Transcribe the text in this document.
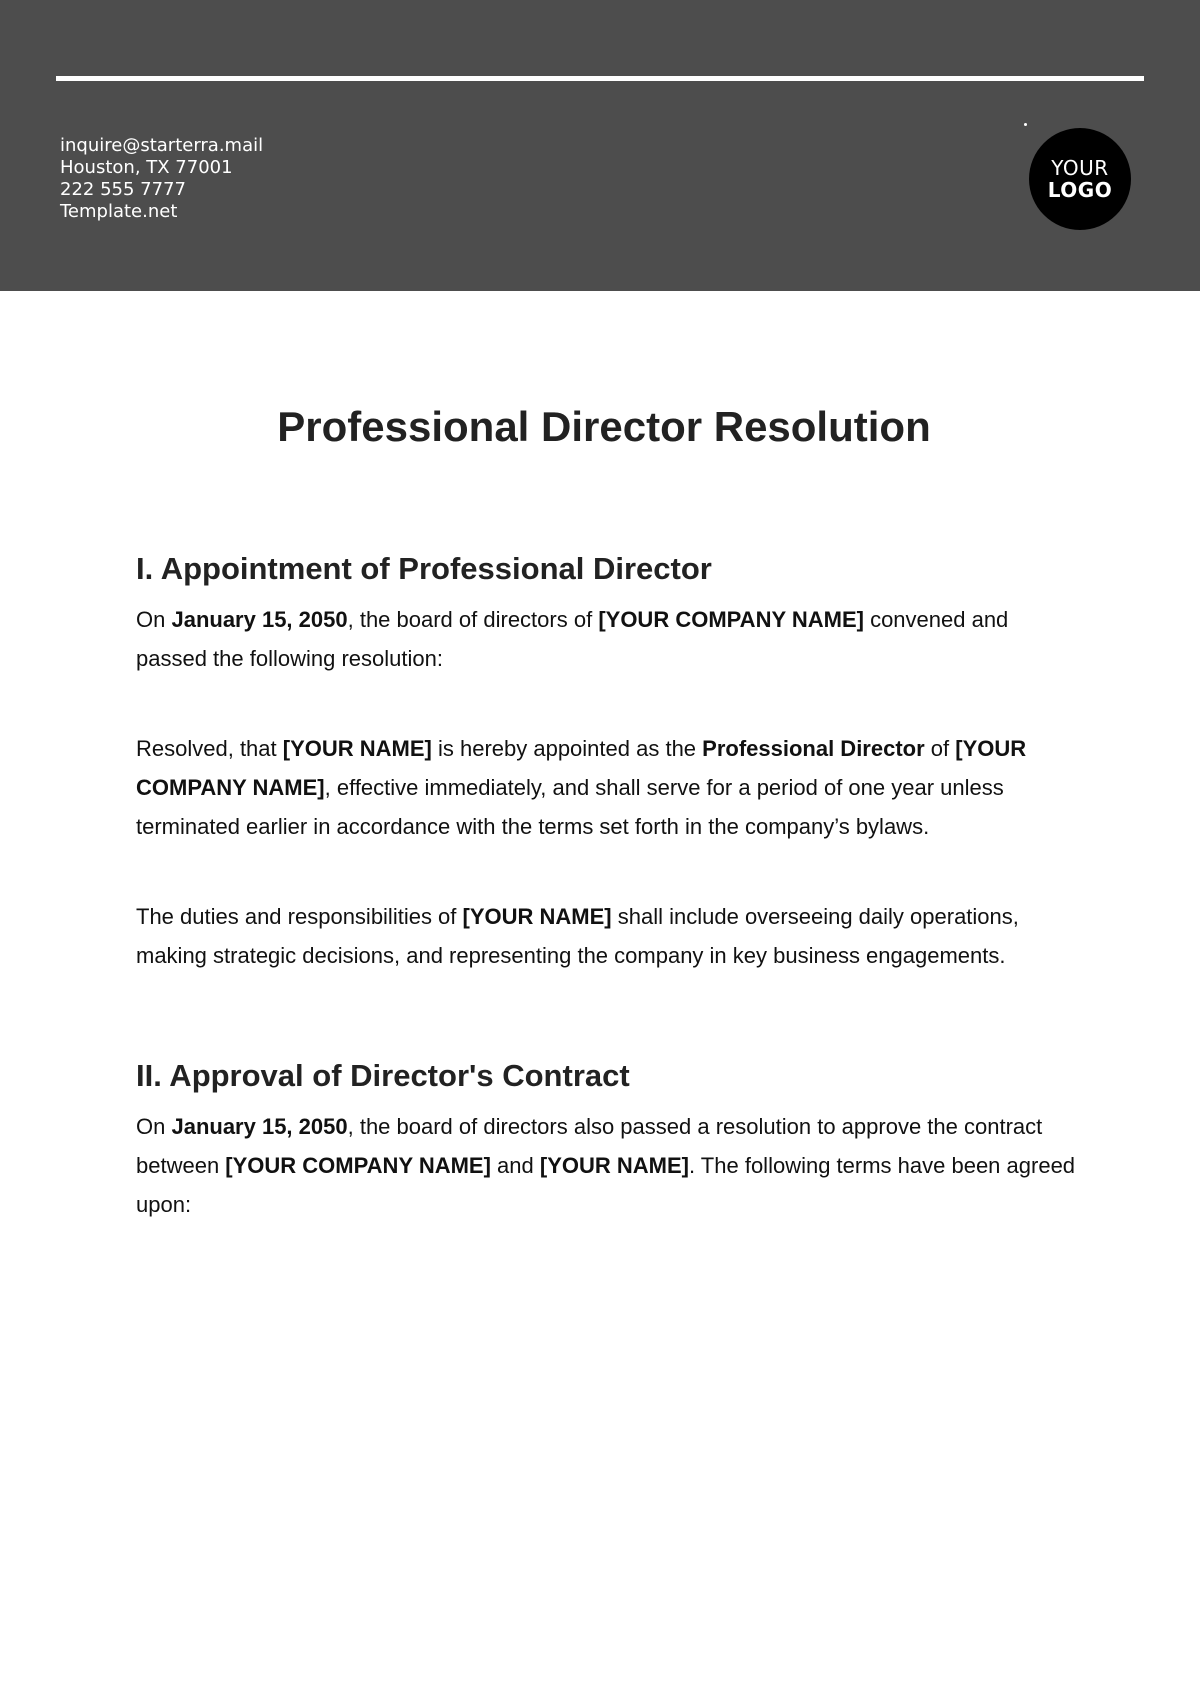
inquire@starterra.mail
Houston, TX 77001
222 555 7777
Template.net
YOUR
LOGO
Professional Director Resolution
I. Appointment of Professional Director

On January 15, 2050, the board of directors of [YOUR COMPANY NAME] convened and passed the following resolution:

Resolved, that [YOUR NAME] is hereby appointed as the Professional Director of [YOUR COMPANY NAME], effective immediately, and shall serve for a period of one year unless terminated earlier in accordance with the terms set forth in the company’s bylaws.

The duties and responsibilities of [YOUR NAME] shall include overseeing daily operations, making strategic decisions, and representing the company in key business engagements.

II. Approval of Director's Contract

On January 15, 2050, the board of directors also passed a resolution to approve the contract between [YOUR COMPANY NAME] and [YOUR NAME]. The following terms have been agreed upon:
